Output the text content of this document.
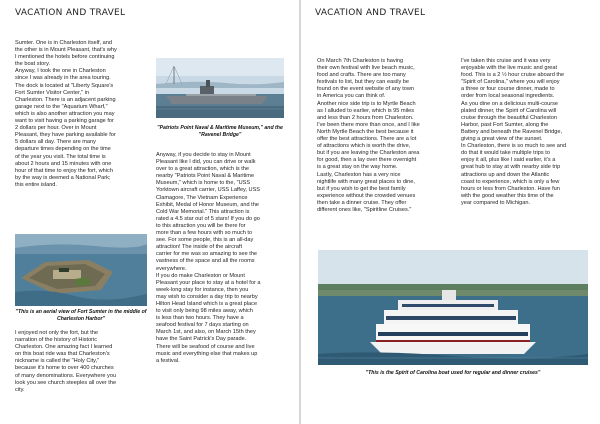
VACATION AND TRAVEL
Sumter. One is in Charleston itself, and
the other is in Mount Pleasant, that's why
I mentioned the hotels before continuing
the boat story.
Anyway, I took the one in Charleston
since I was already in the area touring.
The dock is located at "Liberty Square's
Fort Sumter Visitor Center," in
Charleston. There is an adjacent parking
garage next to the "Aquarium Wharf,"
which is also another attraction you may
want to visit having a parking garage for
2 dollars per hour. Over in Mount
Pleasant, they have parking available for
5 dollars all day. There are many
departure times depending on the time
of the year you visit. The total time is
about 2 hours and 15 minutes with one
hour of that time to enjoy the fort, which
by the way is deemed a National Park;
this entire island.
"This is an aerial view of Fort Sumter in the middle of Charleston Harbor"
I enjoyed not only the fort, but the
narration of the history of Historic
Charleston. One amazing fact I learned
on this boat ride was that Charleston's
nickname is called the "Holy City,"
because it's home to over 400 churches
of many denominations. Everywhere you
look you see church steeples all over the
city.
"Patriots Point Naval & Maritime Museum," and the "Ravenel Bridge"
Anyway, if you decide to stay in Mount
Pleasant like I did, you can drive or walk
over to a great attraction, which is the
nearby "Patriots Point Naval & Maritime
Museum," which is home to the, "USS
Yorktown aircraft carrier, USS Laffey, USS
Clamagore, The Vietnam Experience
Exhibit, Medal of Honor Museum, and the
Cold War Memorial." This attraction is
rated a 4.5 star out of 5 stars! If you do go
to this attraction you will be there for
more than a few hours with so much to
see. For some people, this is an all-day
attraction! The inside of the aircraft
carrier for me was so amazing to see the
vastness of the space and all the rooms
everywhere.
If you do make Charleston or Mount
Pleasant your place to stay at a hotel for a
week-long stay for instance, then you
may wish to consider a day trip to nearby
Hilton Head Island which is a great place
to visit only being 98 miles away, which
is less than two hours. They have a
seafood festival for 7 days starting on
March 1st, and also, on March 15th they
have the Saint Patrick's Day parade.
There will be seafood of course and live
music and everything else that makes up
a festival.
VACATION AND TRAVEL
On March 7th Charleston is having
their own festival with live beach music,
food and crafts. There are too many
festivals to list, but they can easily be
found on the event website of any town
in America you can think of.
Another nice side trip is to Myrtle Beach
as I alluded to earlier, which is 95 miles
and less than 2 hours from Charleston.
I've been there more than once, and I like
North Myrtle Beach the best because it
offer the best attractions. There are a lot
of attractions which is worth the drive,
but if you are leaving the Charleston area
for good, then a lay over there overnight
is a great stay on the way home.
Lastly, Charleston has a very nice
nightlife with many great places to dine,
but if you wish to get the best family
experience without the crowded venues
then take a dinner cruise. They offer
different ones like, "Spiritline Cruises."
I've taken this cruise and it was very
enjoyable with the live music and great
food. This is a 2 ½ hour cruise aboard the
"Spirit of Carolina," where you will enjoy
a three or four course dinner, made to
order from local seasonal ingredients.
As you dine on a delicious multi-course
plated dinner, the Spirit of Carolina will
cruise through the beautiful Charleston
Harbor, past Fort Sumter, along the
Battery and beneath the Ravenel Bridge,
giving a great view of the sunset.
In Charleston, there is so much to see and
do that it would take multiple trips to
enjoy it all, plus like I said earlier, it's a
great hub to stay at with nearby side trip
attractions up and down the Atlantic
coast to experience, which is only a few
hours or less from Charleston. Have fun
with the good weather this time of the
year compared to Michigan.
"This is the Spirit of Carolina boat used for regular and dinner cruises"
